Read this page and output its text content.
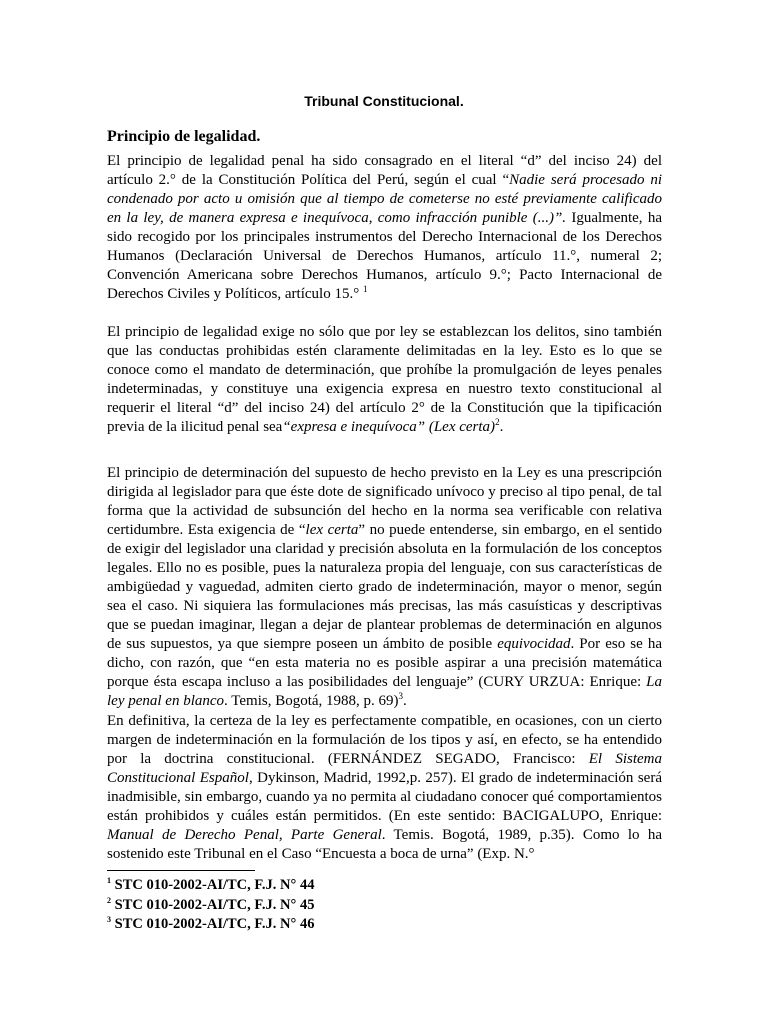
Tribunal Constitucional.
Principio de legalidad.

El principio de legalidad penal ha sido consagrado en el literal “d” del inciso 24) del artículo 2.° de la Constitución Política del Perú, según el cual “Nadie será procesado ni condenado por acto u omisión que al tiempo de cometerse no esté previamente calificado en la ley, de manera expresa e inequívoca, como infracción punible (...)”. Igualmente, ha sido recogido por los principales instrumentos del Derecho Internacional de los Derechos Humanos (Declaración Universal de Derechos Humanos, artículo 11.°, numeral 2; Convención Americana sobre Derechos Humanos, artículo 9.°; Pacto Internacional de Derechos Civiles y Políticos, artículo 15.° $^1$

El principio de legalidad exige no sólo que por ley se establezcan los delitos, sino también que las conductas prohibidas estén claramente delimitadas en la ley. Esto es lo que se conoce como el mandato de determinación, que prohíbe la promulgación de leyes penales indeterminadas, y constituye una exigencia expresa en nuestro texto constitucional al requerir el literal “d” del inciso 24) del artículo 2° de la Constitución que la tipificación previa de la ilicitud penal sea“expresa e inequívoca” (Lex certa)$^2$.

El principio de determinación del supuesto de hecho previsto en la Ley es una prescripción dirigida al legislador para que éste dote de significado unívoco y preciso al tipo penal, de tal forma que la actividad de subsunción del hecho en la norma sea verificable con relativa certidumbre. Esta exigencia de “lex certa” no puede entenderse, sin embargo, en el sentido de exigir del legislador una claridad y precisión absoluta en la formulación de los conceptos legales. Ello no es posible, pues la naturaleza propia del lenguaje, con sus características de ambigüedad y vaguedad, admiten cierto grado de indeterminación, mayor o menor, según sea el caso. Ni siquiera las formulaciones más precisas, las más casuísticas y descriptivas que se puedan imaginar, llegan a dejar de plantear problemas de determinación en algunos de sus supuestos, ya que siempre poseen un ámbito de posible equivocidad. Por eso se ha dicho, con razón, que “en esta materia no es posible aspirar a una precisión matemática porque ésta escapa incluso a las posibilidades del lenguaje” (CURY URZUA: Enrique: La ley penal en blanco. Temis, Bogotá, 1988, p. 69)$^3$.

En definitiva, la certeza de la ley es perfectamente compatible, en ocasiones, con un cierto margen de indeterminación en la formulación de los tipos y así, en efecto, se ha entendido por la doctrina constitucional. (FERNÁNDEZ SEGADO, Francisco: El Sistema Constitucional Español, Dykinson, Madrid, 1992,p. 257). El grado de indeterminación será inadmisible, sin embargo, cuando ya no permita al ciudadano conocer qué comportamientos están prohibidos y cuáles están permitidos. (En este sentido: BACIGALUPO, Enrique: Manual de Derecho Penal, Parte General. Temis. Bogotá, 1989, p.35). Como lo ha sostenido este Tribunal en el Caso “Encuesta a boca de urna” (Exp. N.°

$^1$ STC 010-2002-AI/TC, F.J. N° 44
$^2$ STC 010-2002-AI/TC, F.J. N° 45
$^3$ STC 010-2002-AI/TC, F.J. N° 46
